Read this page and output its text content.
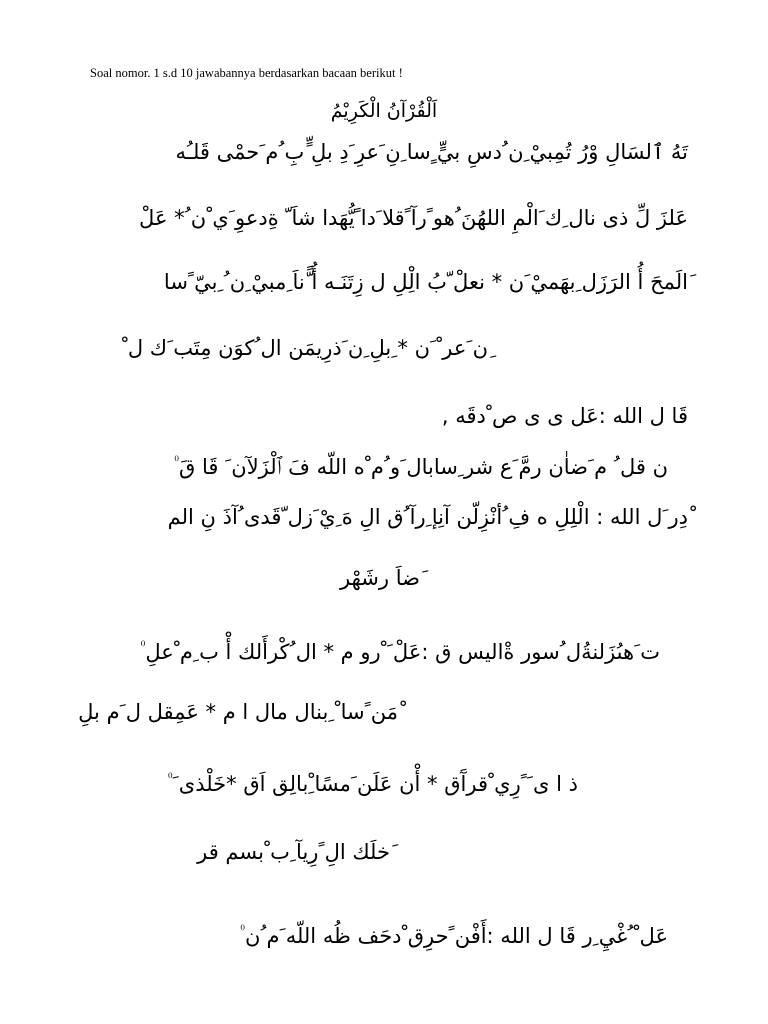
Soal nomor. 1 s.d 10 jawabannya berdasarkan bacaan berikut !
اَلْقُرْآنُ الْكَرِيْمُ
تَهُ ٱلسَالِ وْرُ تُمِبيْ ِن ُدسِ بيٍّ ٍسا ِنِ َعرِ َدِ بلِ ٍّبِ ُم َحمْى قَلـُه
عَلزَ لِّ ذى نال ِك َالْمِ اللهُنَ ُهو ًرآ ًقلا َدا ًيُّهَدا شاَ ّ ةِدعوِ َي ْن ُ* عَلْ
َالَمحَ أُ الرَزَل ِبهَميْ َن * نعلْ ّبُ الِْلِ ل زِتَنَـه أُ ًّناَ ِمبيْ ِن ُ ِبيّ ًسا
ِن َعر ْ َن * ِبلِ ِن َذرِيمَن ال ُكوَن مِتَب َك ل ْ
قَا ل الله :عَل ى ى ص ْدقَه ,
ن قل ُ م َضاٰن رمَّ َع شر ِسابال َو ُم ْه اللّه فَ ٱلْزَلآن َ قَا قَ ۠
ْدِر َل الله : الْلِلِ ه فِ ُأنْزِلّن آنِإ ِرآ ُق الِ هَ ِيْ َزل ّقَدى ُآذَ نِ الم
َضاَ رشَهْر
ت َهىُزَلنةُل ُسور ةْاليس ق :عَلْ َ ْرو م * ال ُكْرأَلك أْ ب ِم ْعلِ ۠
ْمَن ًسا ْ ِبنال مال ا م * عَمِقل ل َم بلِ
ذ ا ى َ ًرِي ْقرآَق * أْن عَلَن َمسًا ِْبالِق اَق *خَلْذى َ ۠
َخلَك الِ ًرِيآ ِب ْبسم قر
عَل ْ ُغْيِ ِر قَا ل الله :أَفْن ًحرِق ْدحَف ظُه اللّه َم ُن ۠
